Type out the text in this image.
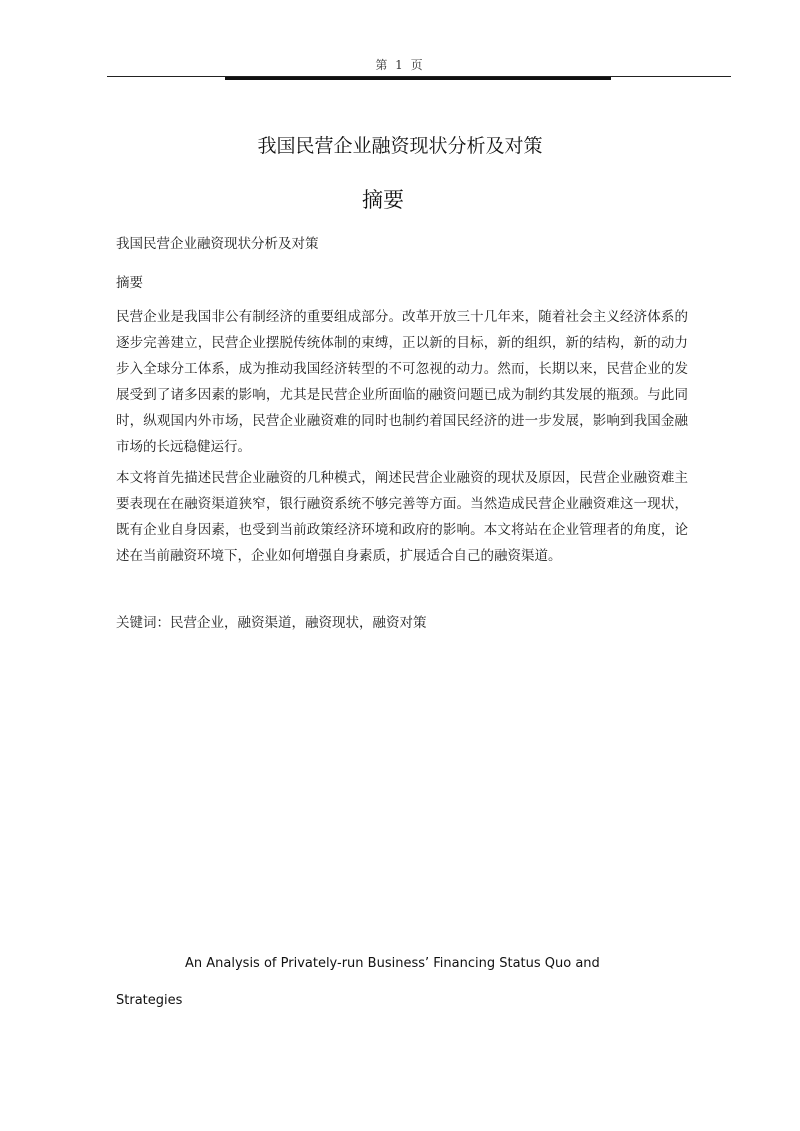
第 1 页
我国民营企业融资现状分析及对策
摘要
我国民营企业融资现状分析及对策
摘要
民营企业是我国非公有制经济的重要组成部分。改革开放三十几年来，随着社会主义经济体系的逐步完善建立，民营企业摆脱传统体制的束缚，正以新的目标，新的组织，新的结构，新的动力步入全球分工体系，成为推动我国经济转型的不可忽视的动力。然而，长期以来，民营企业的发展受到了诸多因素的影响，尤其是民营企业所面临的融资问题已成为制约其发展的瓶颈。与此同时，纵观国内外市场，民营企业融资难的同时也制约着国民经济的进一步发展，影响到我国金融市场的长远稳健运行。
本文将首先描述民营企业融资的几种模式，阐述民营企业融资的现状及原因，民营企业融资难主要表现在在融资渠道狭窄，银行融资系统不够完善等方面。当然造成民营企业融资难这一现状，既有企业自身因素，也受到当前政策经济环境和政府的影响。本文将站在企业管理者的角度，论述在当前融资环境下，企业如何增强自身素质，扩展适合自己的融资渠道。
关键词：民营企业，融资渠道，融资现状，融资对策
An Analysis of Privately-run Business’ Financing Status Quo and
Strategies
